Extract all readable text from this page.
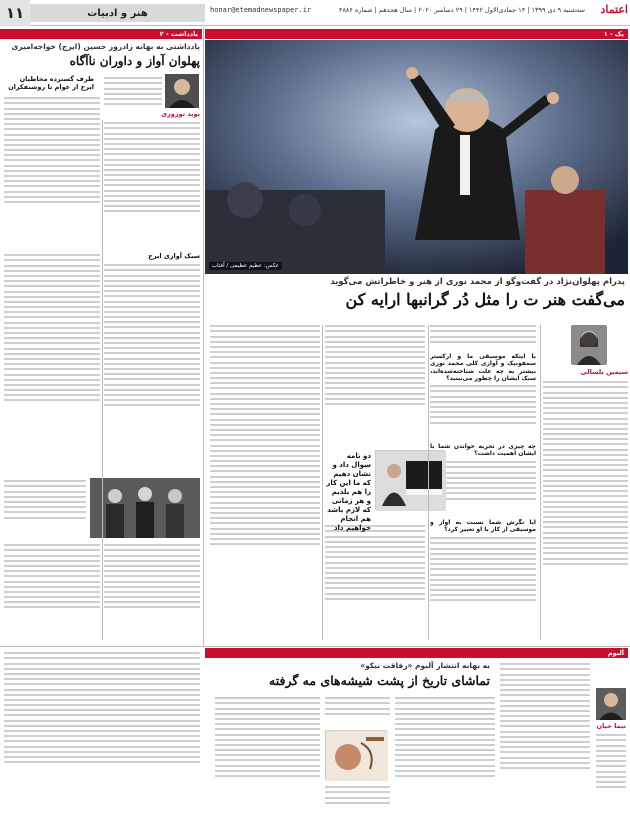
۱۱	هنر و ادبیات	honar@etemadnewspaper.ir	سه‌شنبه ۹ دی ۱۳۹۹ | ۱۴ جمادی‌الاول ۱۴۴۲ | ۲۹ دسامبر ۲۰۲۰ | سال هجدهم | شماره ۴۸۸۶	اعتماد
یک - ۱
عکس: عظیم عظیمی‌‌ / آفتاب
پدرام پهلوان‌نژاد در گفت‌وگو از محمد نوری از هنر و خاطراتش می‌گوید
می‌گفت هنر ت را مثل دُر گرانبها ارایه کن
سیمین بلسالی
با اینکه موسیقی ما و ارکستر سمفونیک و آوازی کلی محمد نوری بیشتر به چه علت شناخته‌شده‌اند، سبک ایشان را چطور می‌بینید؟
چه چیزی در تجربه خواندن شما با ایشان اهمیت داشت؟
آیا نگرش شما نسبت به آواز و موسیقی از کار با او تغییر کرد؟
دو نامه سوال داد و نشان دهیم که ما این کار را هم بلدیم و هر زمانی که لازم باشد هم انجام خواهیم داد
یادداشت - ۲
یادداشتی به بهانه زادروز حسین (ایرج) خواجه‌امیری
پهلوان آواز و داوران ناآگاه
نوید نوروزی
ظرف گسترده مخاطبان ایرج از عوام تا روشنفکران
سبک آوازی ایرج
آلبوم
به بهانه انتشار آلبوم «رفاقت نیکو»
تماشای تاریخ از پشت شیشه‌های مه گرفته
نیما حیان
